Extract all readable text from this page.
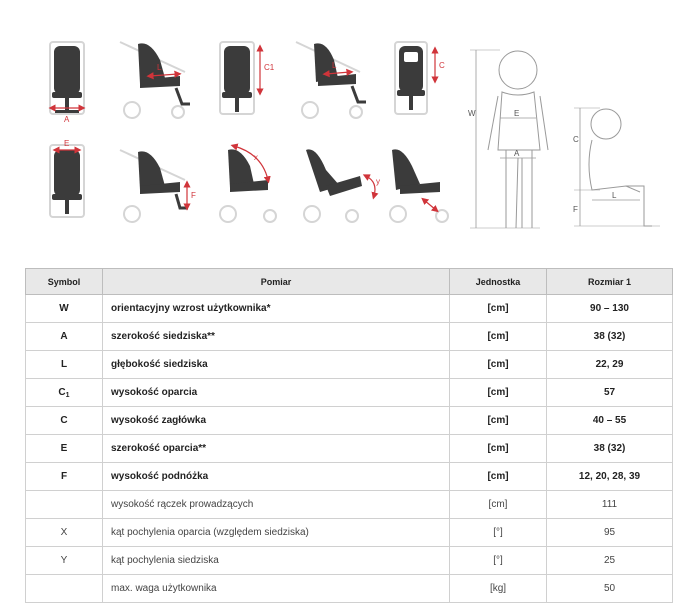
A
L	C1	L	C
E
F
x
y
W	E
A
C
F
L
Symbol	Pomiar	Jednostka	Rozmiar 1
W	orientacyjny wzrost użytkownika*	[cm]	90 – 130
A	szerokość siedziska**	[cm]	38 (32)
L	głębokość siedziska	[cm]	22, 29
$C_1$	wysokość oparcia	[cm]	57
C	wysokość zagłówka	[cm]	40 – 55
E	szerokość oparcia**	[cm]	38 (32)
F	wysokość podnóżka	[cm]	12, 20, 28, 39
	wysokość rączek prowadzących	[cm]	111
X	kąt pochylenia oparcia (względem siedziska)	[°]	95
Y	kąt pochylenia siedziska	[°]	25
	max. waga użytkownika	[kg]	50
